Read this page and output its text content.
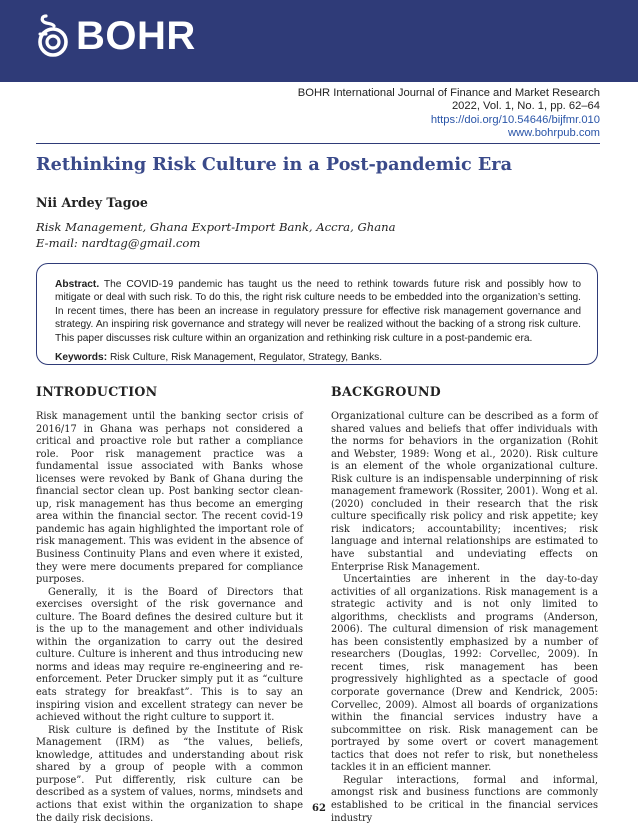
BOHR
BOHR International Journal of Finance and Market Research
2022, Vol. 1, No. 1, pp. 62–64
https://doi.org/10.54646/bijfmr.010
www.bohrpub.com
Rethinking Risk Culture in a Post-pandemic Era
Nii Ardey Tagoe
Risk Management, Ghana Export-Import Bank, Accra, Ghana
E-mail: nardtag@gmail.com
Abstract. The COVID-19 pandemic has taught us the need to rethink towards future risk and possibly how to mitigate or deal with such risk. To do this, the right risk culture needs to be embedded into the organization’s setting. In recent times, there has been an increase in regulatory pressure for effective risk management governance and strategy. An inspiring risk governance and strategy will never be realized without the backing of a strong risk culture. This paper discusses risk culture within an organization and rethinking risk culture in a post-pandemic era.
Keywords: Risk Culture, Risk Management, Regulator, Strategy, Banks.
INTRODUCTION	BACKGROUND

Risk management until the banking sector crisis of 2016/17 in Ghana was perhaps not considered a critical and proactive role but rather a compliance role. Poor risk management practice was a fundamental issue associated with Banks whose licenses were revoked by Bank of Ghana during the financial sector clean up. Post banking sector clean-up, risk management has thus become an emerging area within the financial sector. The recent covid-19 pandemic has again highlighted the important role of risk management. This was evident in the absence of Business Continuity Plans and even where it existed, they were mere documents prepared for compliance purposes.

Generally, it is the Board of Directors that exercises oversight of the risk governance and culture. The Board defines the desired culture but it is the up to the management and other individuals within the organization to carry out the desired culture. Culture is inherent and thus introducing new norms and ideas may require re-engineering and re-enforcement. Peter Drucker simply put it as “culture eats strategy for breakfast”. This is to say an inspiring vision and excellent strategy can never be achieved without the right culture to support it.

Risk culture is defined by the Institute of Risk Management (IRM) as “the values, beliefs, knowledge, attitudes and understanding about risk shared by a group of people with a common purpose”. Put differently, risk culture can be described as a system of values, norms, mindsets and actions that exist within the organization to shape the daily risk decisions.

Organizational culture can be described as a form of shared values and beliefs that offer individuals with the norms for behaviors in the organization (Rohit and Webster, 1989: Wong et al., 2020). Risk culture is an element of the whole organizational culture. Risk culture is an indispensable underpinning of risk management framework (Rossiter, 2001). Wong et al. (2020) concluded in their research that the risk culture specifically risk policy and risk appetite; key risk indicators; accountability; incentives; risk language and internal relationships are estimated to have substantial and undeviating effects on Enterprise Risk Management.

Uncertainties are inherent in the day-to-day activities of all organizations. Risk management is a strategic activity and is not only limited to algorithms, checklists and programs (Anderson, 2006). The cultural dimension of risk management has been consistently emphasized by a number of researchers (Douglas, 1992: Corvellec, 2009). In recent times, risk management has been progressively highlighted as a spectacle of good corporate governance (Drew and Kendrick, 2005: Corvellec, 2009). Almost all boards of organizations within the financial services industry have a subcommittee on risk. Risk management can be portrayed by some overt or covert management tactics that does not refer to risk, but nonetheless tackles it in an efficient manner.

Regular interactions, formal and informal, amongst risk and business functions are commonly established to be critical in the financial services industry

62
